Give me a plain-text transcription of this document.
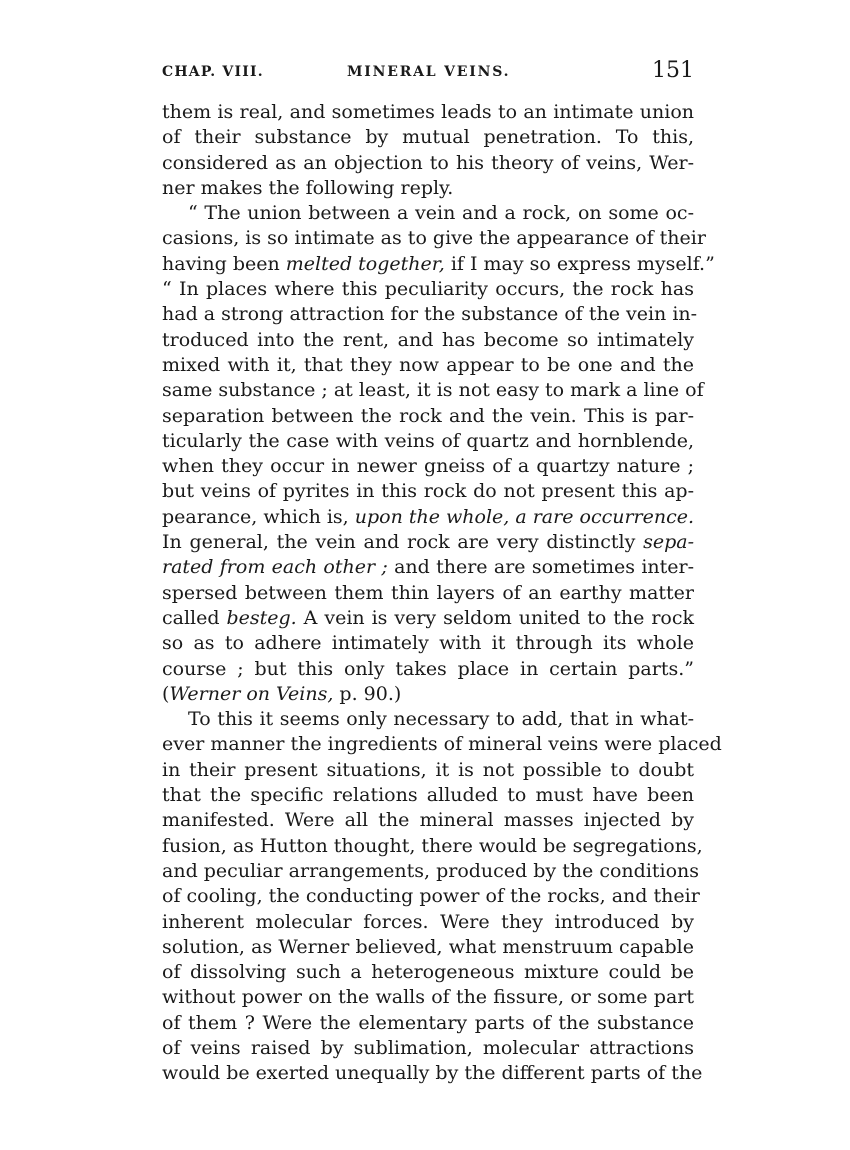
CHAP. VIII.	MINERAL VEINS.	151
them is real, and sometimes leads to an intimate union
of their substance by mutual penetration. To this,
considered as an objection to his theory of veins, Wer-
ner makes the following reply.
“ The union between a vein and a rock, on some oc-
casions, is so intimate as to give the appearance of their
having been melted together, if I may so express myself.”
“ In places where this peculiarity occurs, the rock has
had a strong attraction for the substance of the vein in-
troduced into the rent, and has become so intimately
mixed with it, that they now appear to be one and the
same substance ; at least, it is not easy to mark a line of
separation between the rock and the vein. This is par-
ticularly the case with veins of quartz and hornblende,
when they occur in newer gneiss of a quartzy nature ;
but veins of pyrites in this rock do not present this ap-
pearance, which is, upon the whole, a rare occurrence.
In general, the vein and rock are very distinctly sepa-
rated from each other ; and there are sometimes inter-
spersed between them thin layers of an earthy matter
called besteg. A vein is very seldom united to the rock
so as to adhere intimately with it through its whole
course ; but this only takes place in certain parts.”
(Werner on Veins, p. 90.)
To this it seems only necessary to add, that in what-
ever manner the ingredients of mineral veins were placed
in their present situations, it is not possible to doubt
that the specific relations alluded to must have been
manifested. Were all the mineral masses injected by
fusion, as Hutton thought, there would be segregations,
and peculiar arrangements, produced by the conditions
of cooling, the conducting power of the rocks, and their
inherent molecular forces. Were they introduced by
solution, as Werner believed, what menstruum capable
of dissolving such a heterogeneous mixture could be
without power on the walls of the fissure, or some part
of them ? Were the elementary parts of the substance
of veins raised by sublimation, molecular attractions
would be exerted unequally by the different parts of the
